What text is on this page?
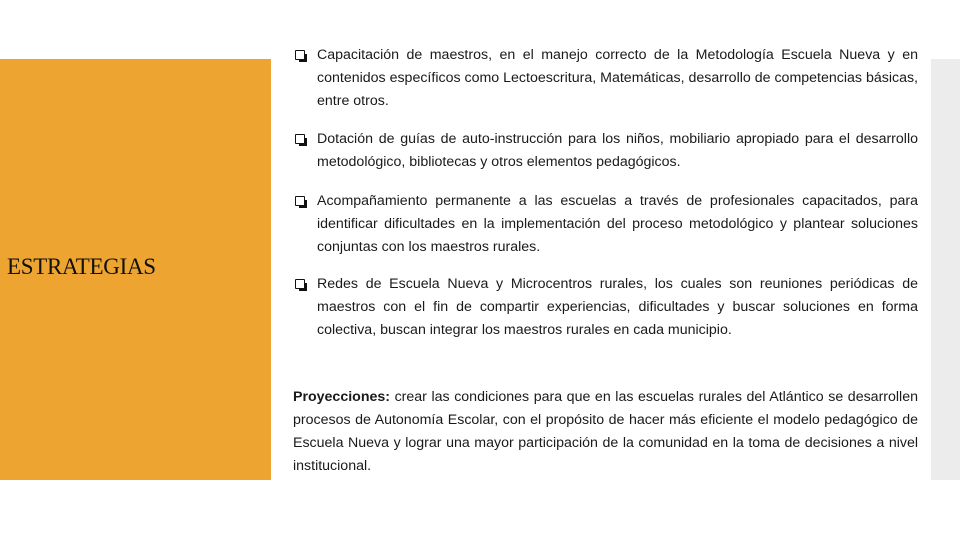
ESTRATEGIAS
Capacitación de maestros, en el manejo correcto de la Metodología Escuela Nueva y en contenidos específicos como Lectoescritura, Matemáticas, desarrollo de competencias básicas, entre otros.
Dotación de guías de auto-instrucción para los niños, mobiliario apropiado para el desarrollo metodológico, bibliotecas y otros elementos pedagógicos.
Acompañamiento permanente a las escuelas a través de profesionales capacitados, para identificar dificultades en la implementación del proceso metodológico y plantear soluciones conjuntas con los maestros rurales.
Redes de Escuela Nueva y Microcentros rurales, los cuales son reuniones periódicas de maestros con el fin de compartir experiencias, dificultades y buscar soluciones en forma colectiva, buscan integrar los maestros rurales en cada municipio.
Proyecciones: crear las condiciones para que en las escuelas rurales del Atlántico se desarrollen procesos de Autonomía Escolar, con el propósito de hacer más eficiente el modelo pedagógico de Escuela Nueva y lograr una mayor participación de la comunidad en la toma de decisiones a nivel institucional.
